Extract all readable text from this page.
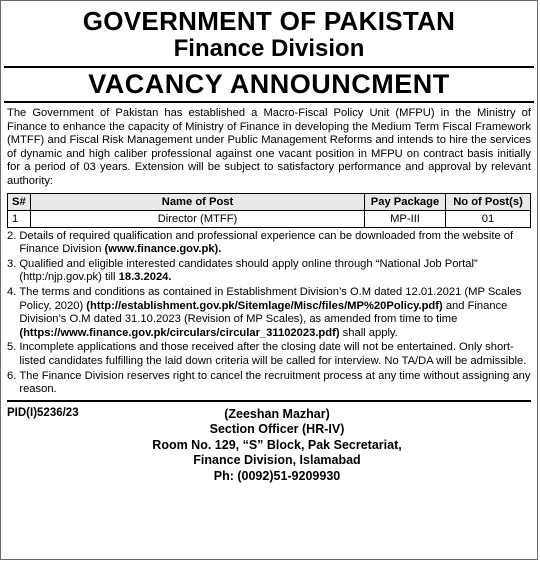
GOVERNMENT OF PAKISTAN
Finance Division
VACANCY ANNOUNCMENT
The Government of Pakistan has established a Macro-Fiscal Policy Unit (MFPU) in the Ministry of Finance to enhance the capacity of Ministry of Finance in developing the Medium Term Fiscal Framework (MTFF) and Fiscal Risk Management under Public Management Reforms and intends to hire the services of dynamic and high caliber professional against one vacant position in MFPU on contract basis initially for a period of 03 years. Extension will be subject to satisfactory performance and approval by relevant authority:
S#	Name of Post	Pay Package	No of Post(s)
1	Director (MTFF)	MP-III	01
2. Details of required qualification and professional experience can be downloaded from the website of Finance Division (www.finance.gov.pk).
3. Qualified and eligible interested candidates should apply online through “National Job Portal” (http:/njp.gov.pk) till 18.3.2024.
4. The terms and conditions as contained in Establishment Division’s O.M dated 12.01.2021 (MP Scales Policy, 2020) (http://establishment.gov.pk/Sitemlage/Misc/files/MP%20Policy.pdf) and Finance Division’s O.M dated 31.10.2023 (Revision of MP Scales), as amended from time to time (https://www.finance.gov.pk/circulars/circular_31102023.pdf) shall apply.
5. Incomplete applications and those received after the closing date will not be entertained. Only short-listed candidates fulfilling the laid down criteria will be called for interview. No TA/DA will be admissible.
6. The Finance Division reserves right to cancel the recruitment process at any time without assigning any reason.
PID(I)5236/23	(Zeeshan Mazhar)
Section Officer (HR-IV)
Room No. 129, “S” Block, Pak Secretariat,
Finance Division, Islamabad
Ph: (0092)51-9209930
